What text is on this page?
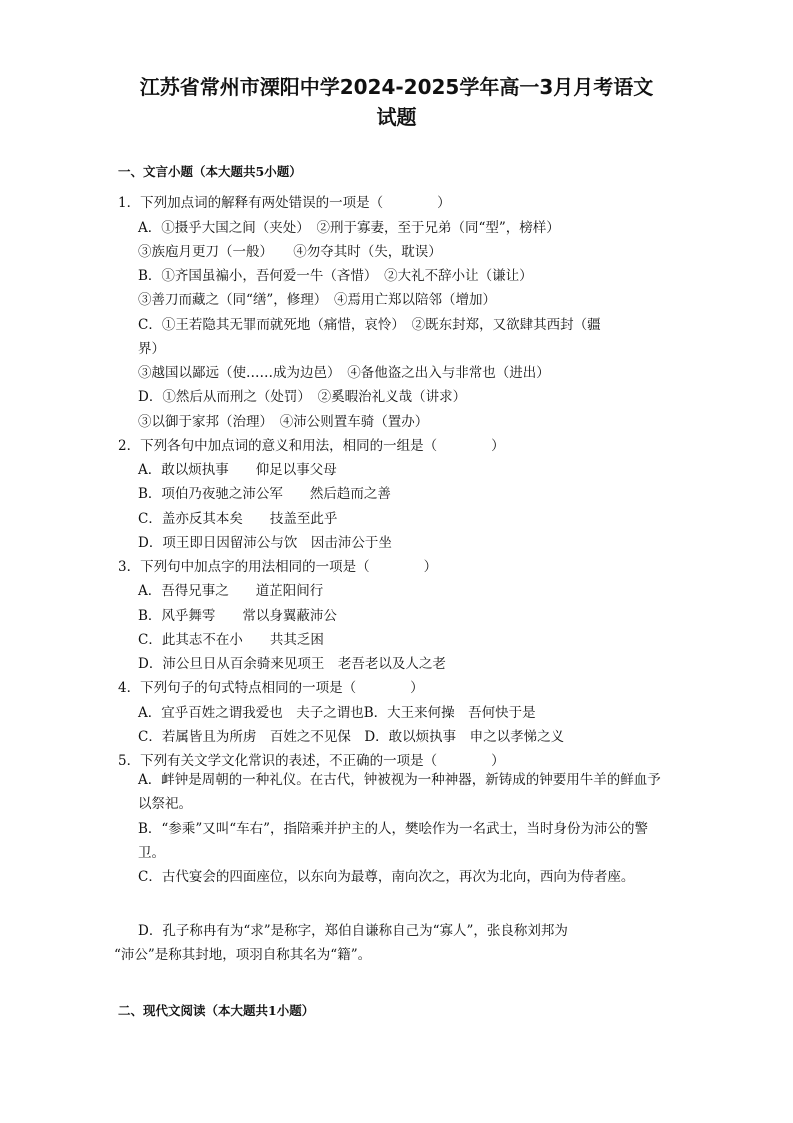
江苏省常州市溧阳中学2024-2025学年高一3月月考语文
试题
一、文言小题（本大题共5小题）
1．下列加点词的解释有两处错误的一项是（　　　　）
A．①摄乎大国之间（夹处）　②刑于寡妻，至于兄弟（同“型”，榜样）
③族庖月更刀（一般）　　④勿夺其时（失，耽误）
B．①齐国虽褊小，吾何爱一牛（吝惜）　②大礼不辞小让（谦让）
③善刀而藏之（同“缮”，修理）　④焉用亡郑以陪邻（增加）
C．①王若隐其无罪而就死地（痛惜，哀怜）　②既东封郑，又欲肆其西封（疆
界）
③越国以鄙远（使……成为边邑）　④备他盗之出入与非常也（进出）
D．①然后从而刑之（处罚）　②奚暇治礼义哉（讲求）
③以御于家邦（治理）　④沛公则置车骑（置办）
2．下列各句中加点词的意义和用法，相同的一组是（　　　　）
A．敢以烦执事　　仰足以事父母
B．项伯乃夜驰之沛公军　　然后趋而之善
C．盖亦反其本矣　　技盖至此乎
D．项王即日因留沛公与饮　因击沛公于坐
3．下列句中加点字的用法相同的一项是（　　　　）
A．吾得兄事之　　道芷阳间行
B．风乎舞雩　　常以身翼蔽沛公
C．此其志不在小　　共其乏困
D．沛公旦日从百余骑来见项王　老吾老以及人之老
4．下列句子的句式特点相同的一项是（　　　　）
A．宜乎百姓之谓我爱也　夫子之谓也B．大王来何操　吾何快于是
C．若属皆且为所虏　百姓之不见保　D．敢以烦执事　申之以孝悌之义
5．下列有关文学文化常识的表述，不正确的一项是（　　　　）
A．衅钟是周朝的一种礼仪。在古代，钟被视为一种神器，新铸成的钟要用牛羊的鲜血予以祭祀。
B．“参乘”又叫“车右”，指陪乘并护主的人，樊哙作为一名武士，当时身份为沛公的警卫。
C．古代宴会的四面座位，以东向为最尊，南向次之，再次为北向，西向为侍者座。
D．孔子称冉有为“求”是称字，郑伯自谦称自己为“寡人”，张良称刘邦为
“沛公”是称其封地，项羽自称其名为“籍”。
二、现代文阅读（本大题共1小题）
